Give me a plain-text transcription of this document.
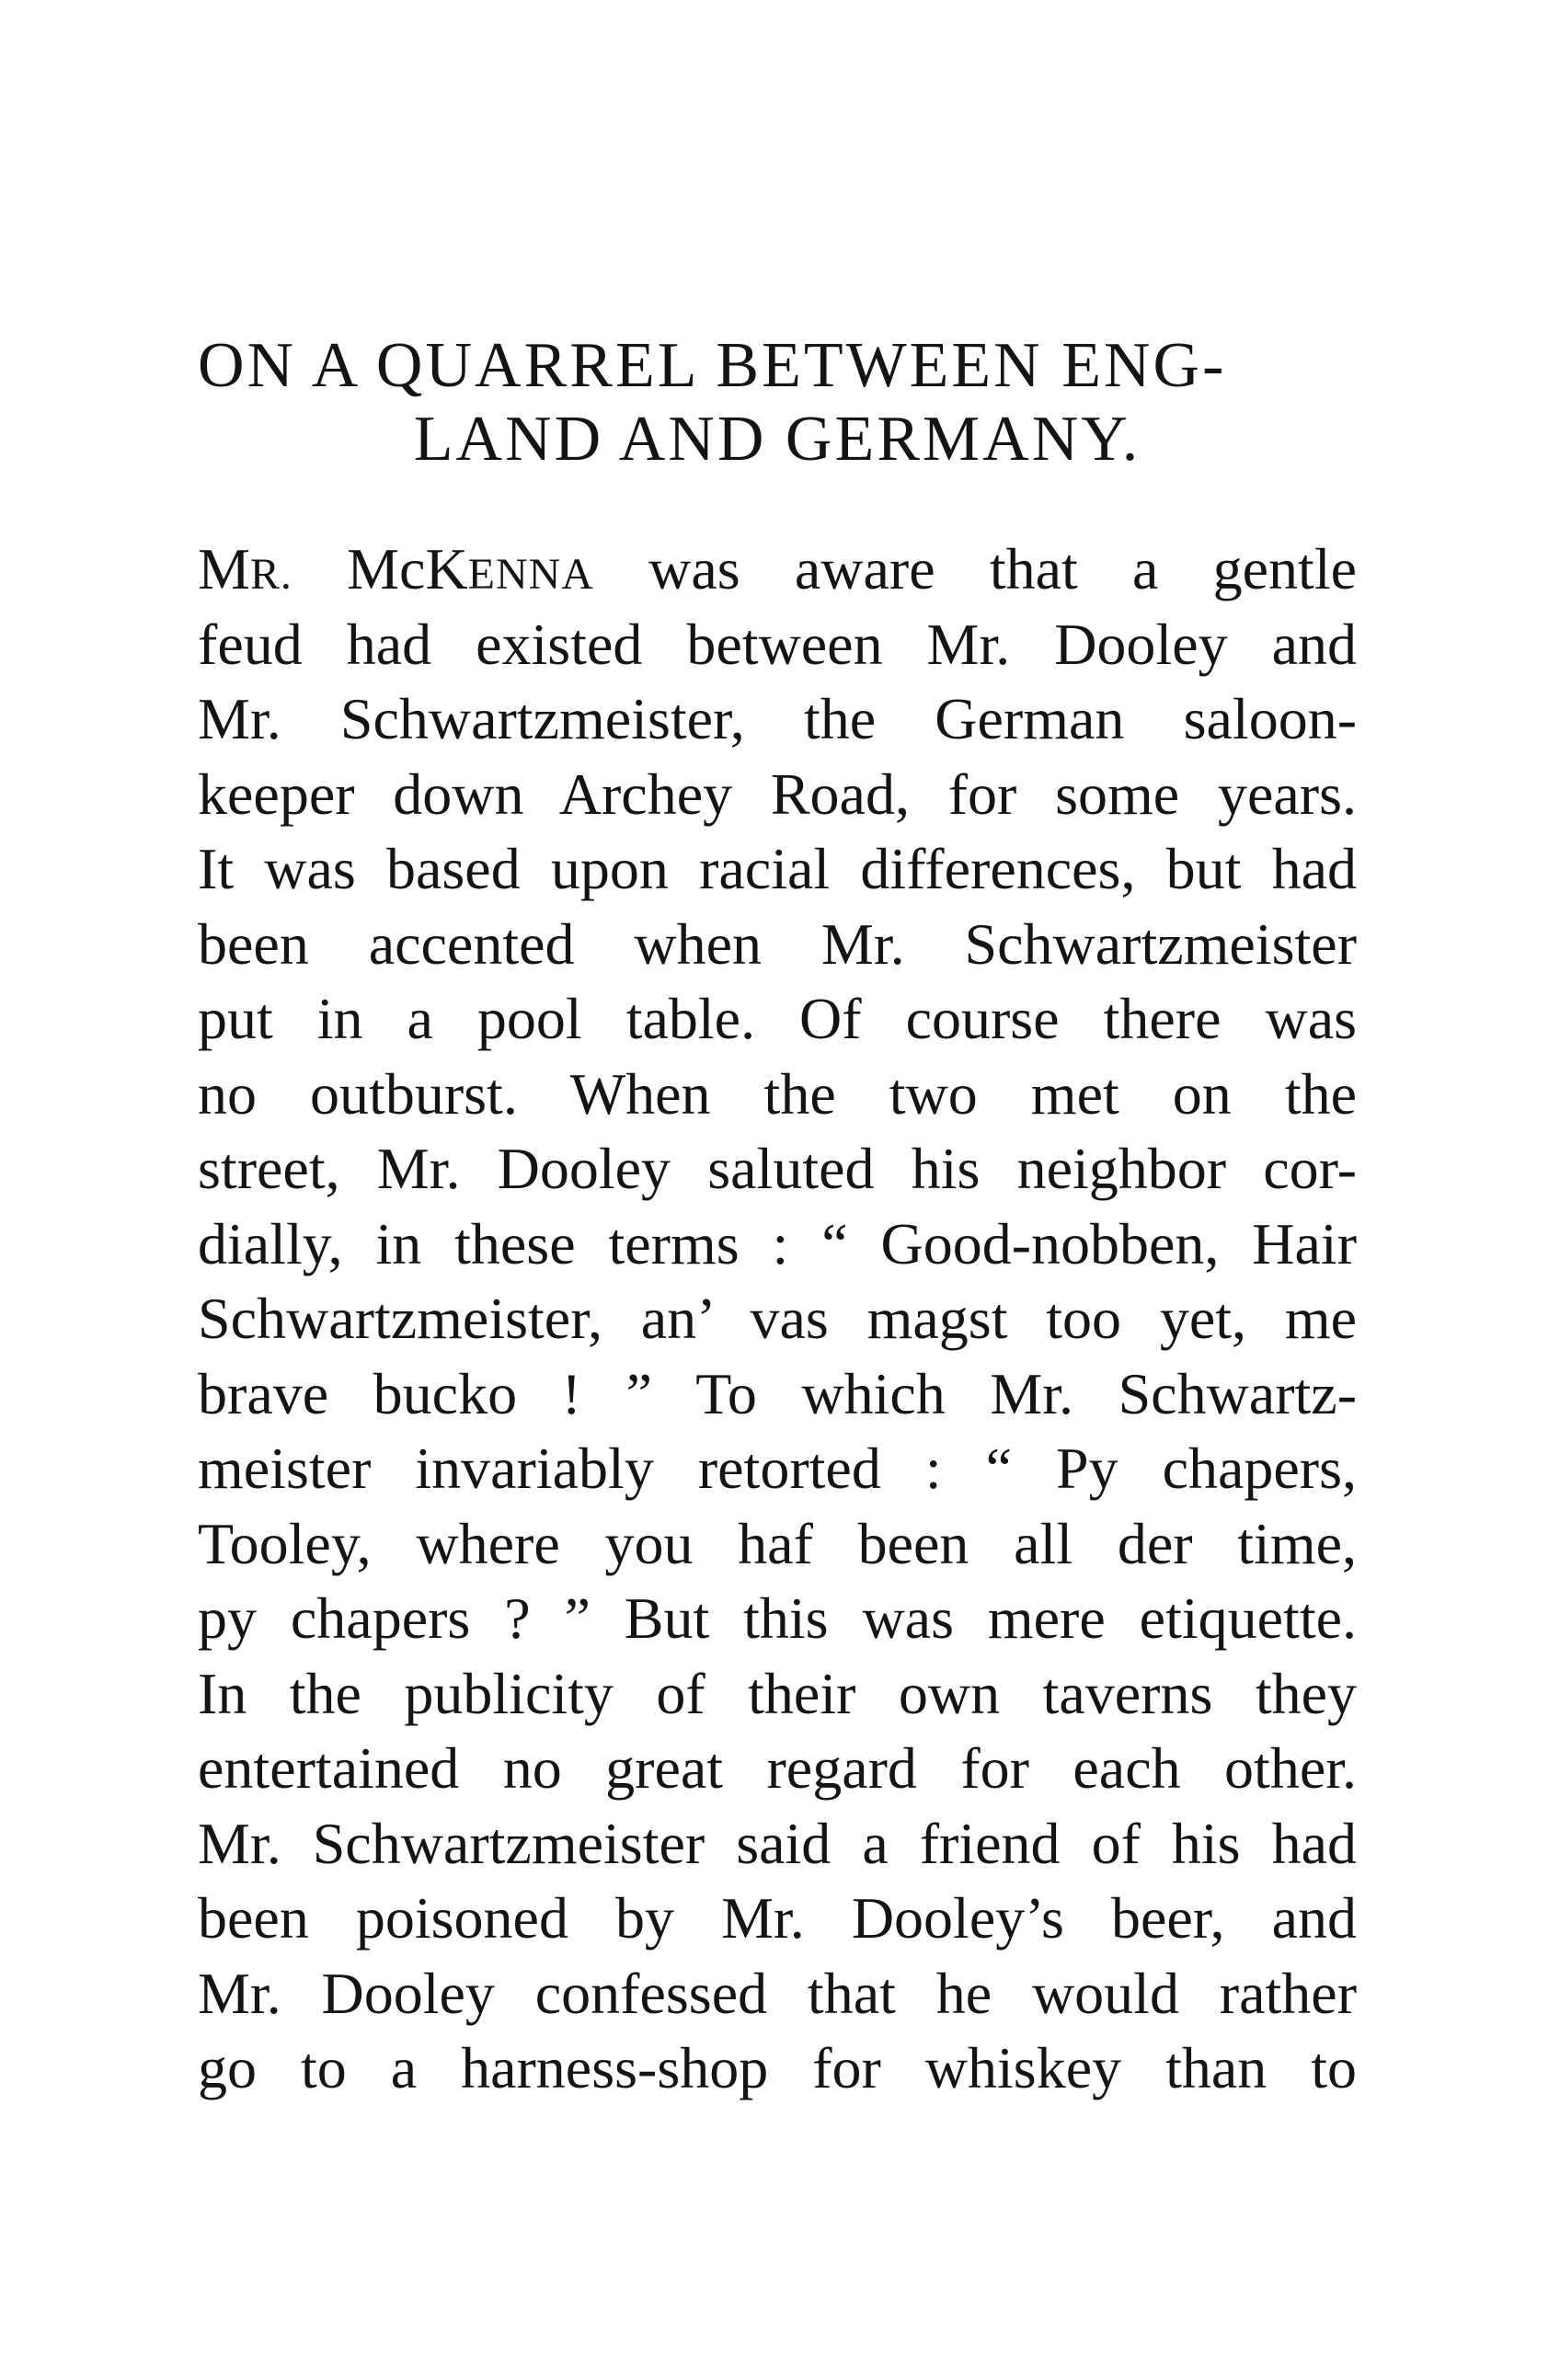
ON A QUARREL BETWEEN ENG-
LAND AND GERMANY.
MR. McKENNA was aware that a gentle
feud had existed between Mr. Dooley and
Mr. Schwartzmeister, the German saloon-
keeper down Archey Road, for some years.
It was based upon racial differences, but had
been accented when Mr. Schwartzmeister
put in a pool table. Of course there was
no outburst. When the two met on the
street, Mr. Dooley saluted his neighbor cor-
dially, in these terms : “ Good-nobben, Hair
Schwartzmeister, an’ vas magst too yet, me
brave bucko ! ” To which Mr. Schwartz-
meister invariably retorted : “ Py chapers,
Tooley, where you haf been all der time,
py chapers ? ” But this was mere etiquette.
In the publicity of their own taverns they
entertained no great regard for each other.
Mr. Schwartzmeister said a friend of his had
been poisoned by Mr. Dooley’s beer, and
Mr. Dooley confessed that he would rather
go to a harness-shop for whiskey than to
